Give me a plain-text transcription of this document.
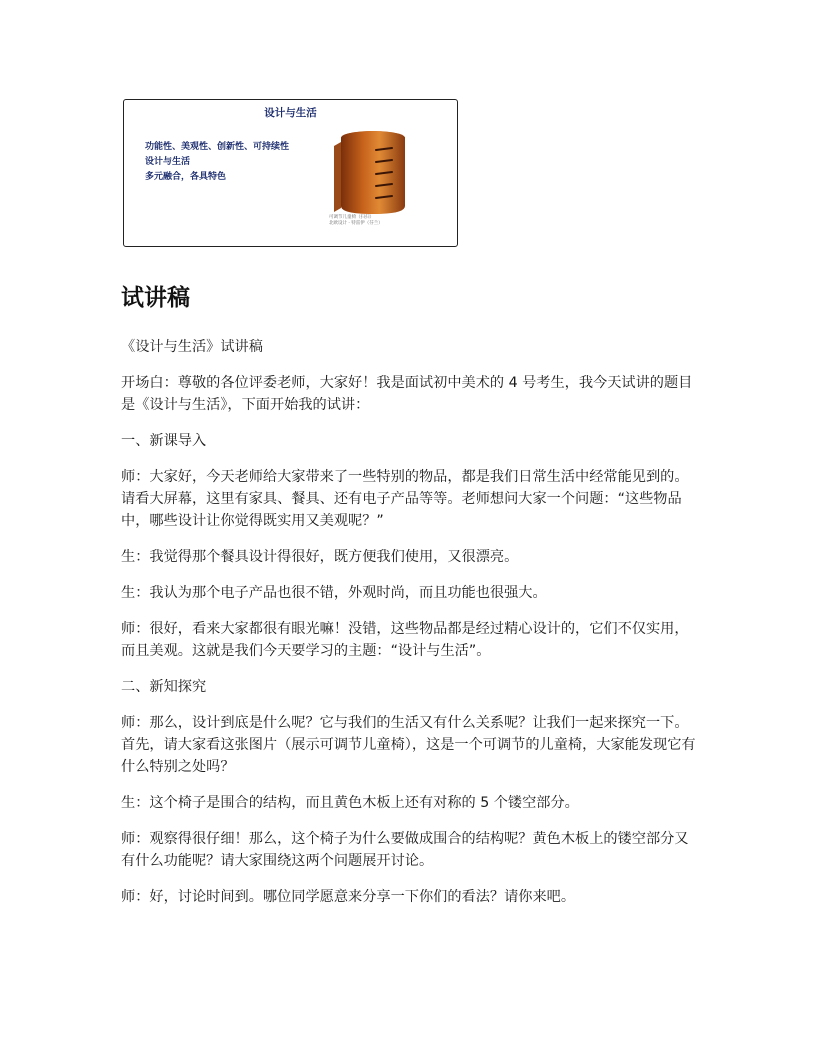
设计与生活
功能性、美观性、创新性、可持续性
设计与生活
多元融合，各具特色
可调节儿童椅（扫扫）
北欧设计 · 特雷伊（芬兰）
试讲稿

《设计与生活》试讲稿

开场白：尊敬的各位评委老师，大家好！我是面试初中美术的 4 号考生，我今天试讲的题目是《设计与生活》，下面开始我的试讲：

一、新课导入

师：大家好，今天老师给大家带来了一些特别的物品，都是我们日常生活中经常能见到的。请看大屏幕，这里有家具、餐具、还有电子产品等等。老师想问大家一个问题：“这些物品中，哪些设计让你觉得既实用又美观呢？”

生：我觉得那个餐具设计得很好，既方便我们使用，又很漂亮。

生：我认为那个电子产品也很不错，外观时尚，而且功能也很强大。

师：很好，看来大家都很有眼光嘛！没错，这些物品都是经过精心设计的，它们不仅实用，而且美观。这就是我们今天要学习的主题：“设计与生活”。

二、新知探究

师：那么，设计到底是什么呢？它与我们的生活又有什么关系呢？让我们一起来探究一下。首先，请大家看这张图片（展示可调节儿童椅），这是一个可调节的儿童椅，大家能发现它有什么特别之处吗？

生：这个椅子是围合的结构，而且黄色木板上还有对称的 5 个镂空部分。

师：观察得很仔细！那么，这个椅子为什么要做成围合的结构呢？黄色木板上的镂空部分又有什么功能呢？请大家围绕这两个问题展开讨论。

师：好，讨论时间到。哪位同学愿意来分享一下你们的看法？请你来吧。
